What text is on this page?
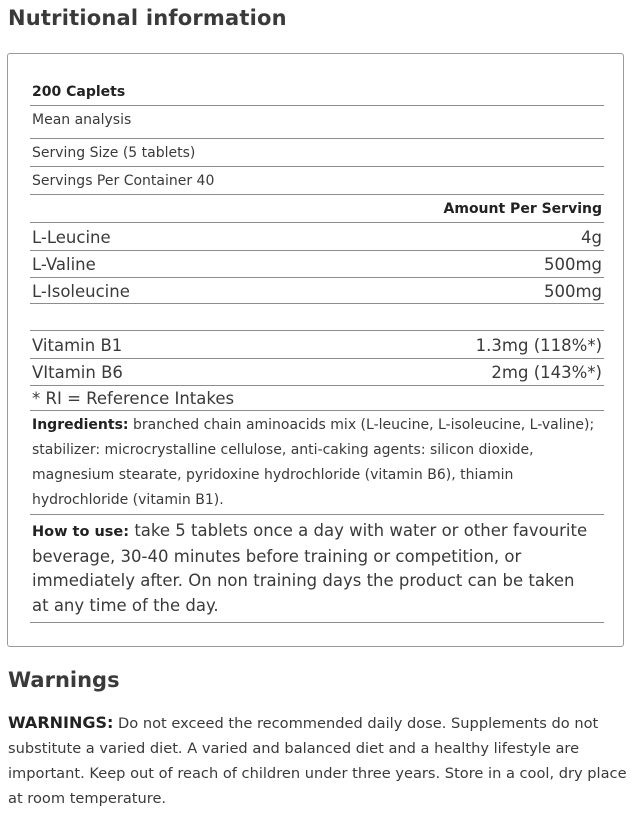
Nutritional information
200 Caplets
Mean analysis
Serving Size (5 tablets)
Servings Per Container 40
Amount Per Serving
L-Leucine	4g
L-Valine	500mg
L-Isoleucine	500mg
Vitamin B1	1.3mg (118%*)
VItamin B6	2mg (143%*)
* RI = Reference Intakes
Ingredients: branched chain aminoacids mix (L-leucine, L-isoleucine, L-valine); stabilizer: microcrystalline cellulose, anti-caking agents: silicon dioxide, magnesium stearate, pyridoxine hydrochloride (vitamin B6), thiamin hydrochloride (vitamin B1).
How to use: take 5 tablets once a day with water or other favourite beverage, 30-40 minutes before training or competition, or immediately after. On non training days the product can be taken at any time of the day.
Warnings
WARNINGS: Do not exceed the recommended daily dose. Supplements do not substitute a varied diet. A varied and balanced diet and a healthy lifestyle are important. Keep out of reach of children under three years. Store in a cool, dry place at room temperature.
